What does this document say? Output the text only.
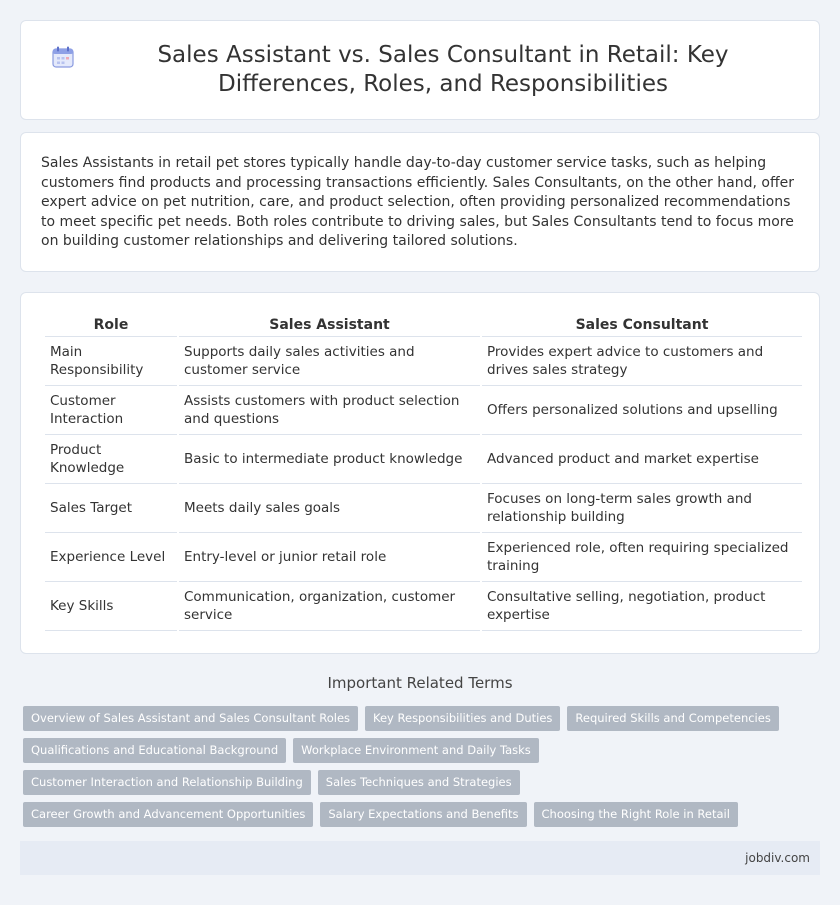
Sales Assistant vs. Sales Consultant in Retail: Key Differences, Roles, and Responsibilities

Sales Assistants in retail pet stores typically handle day-to-day customer service tasks, such as helping customers find products and processing transactions efficiently. Sales Consultants, on the other hand, offer expert advice on pet nutrition, care, and product selection, often providing personalized recommendations to meet specific pet needs. Both roles contribute to driving sales, but Sales Consultants tend to focus more on building customer relationships and delivering tailored solutions.

Role	Sales Assistant	Sales Consultant
Main Responsibility	Supports daily sales activities and customer service	Provides expert advice to customers and drives sales strategy
Customer Interaction	Assists customers with product selection and questions	Offers personalized solutions and upselling
Product Knowledge	Basic to intermediate product knowledge	Advanced product and market expertise
Sales Target	Meets daily sales goals	Focuses on long-term sales growth and relationship building
Experience Level	Entry-level or junior retail role	Experienced role, often requiring specialized training
Key Skills	Communication, organization, customer service	Consultative selling, negotiation, product expertise
Important Related Terms
Overview of Sales Assistant and Sales Consultant Roles	Key Responsibilities and Duties	Required Skills and Competencies
Qualifications and Educational Background	Workplace Environment and Daily Tasks
Customer Interaction and Relationship Building	Sales Techniques and Strategies
Career Growth and Advancement Opportunities	Salary Expectations and Benefits	Choosing the Right Role in Retail
jobdiv.com
